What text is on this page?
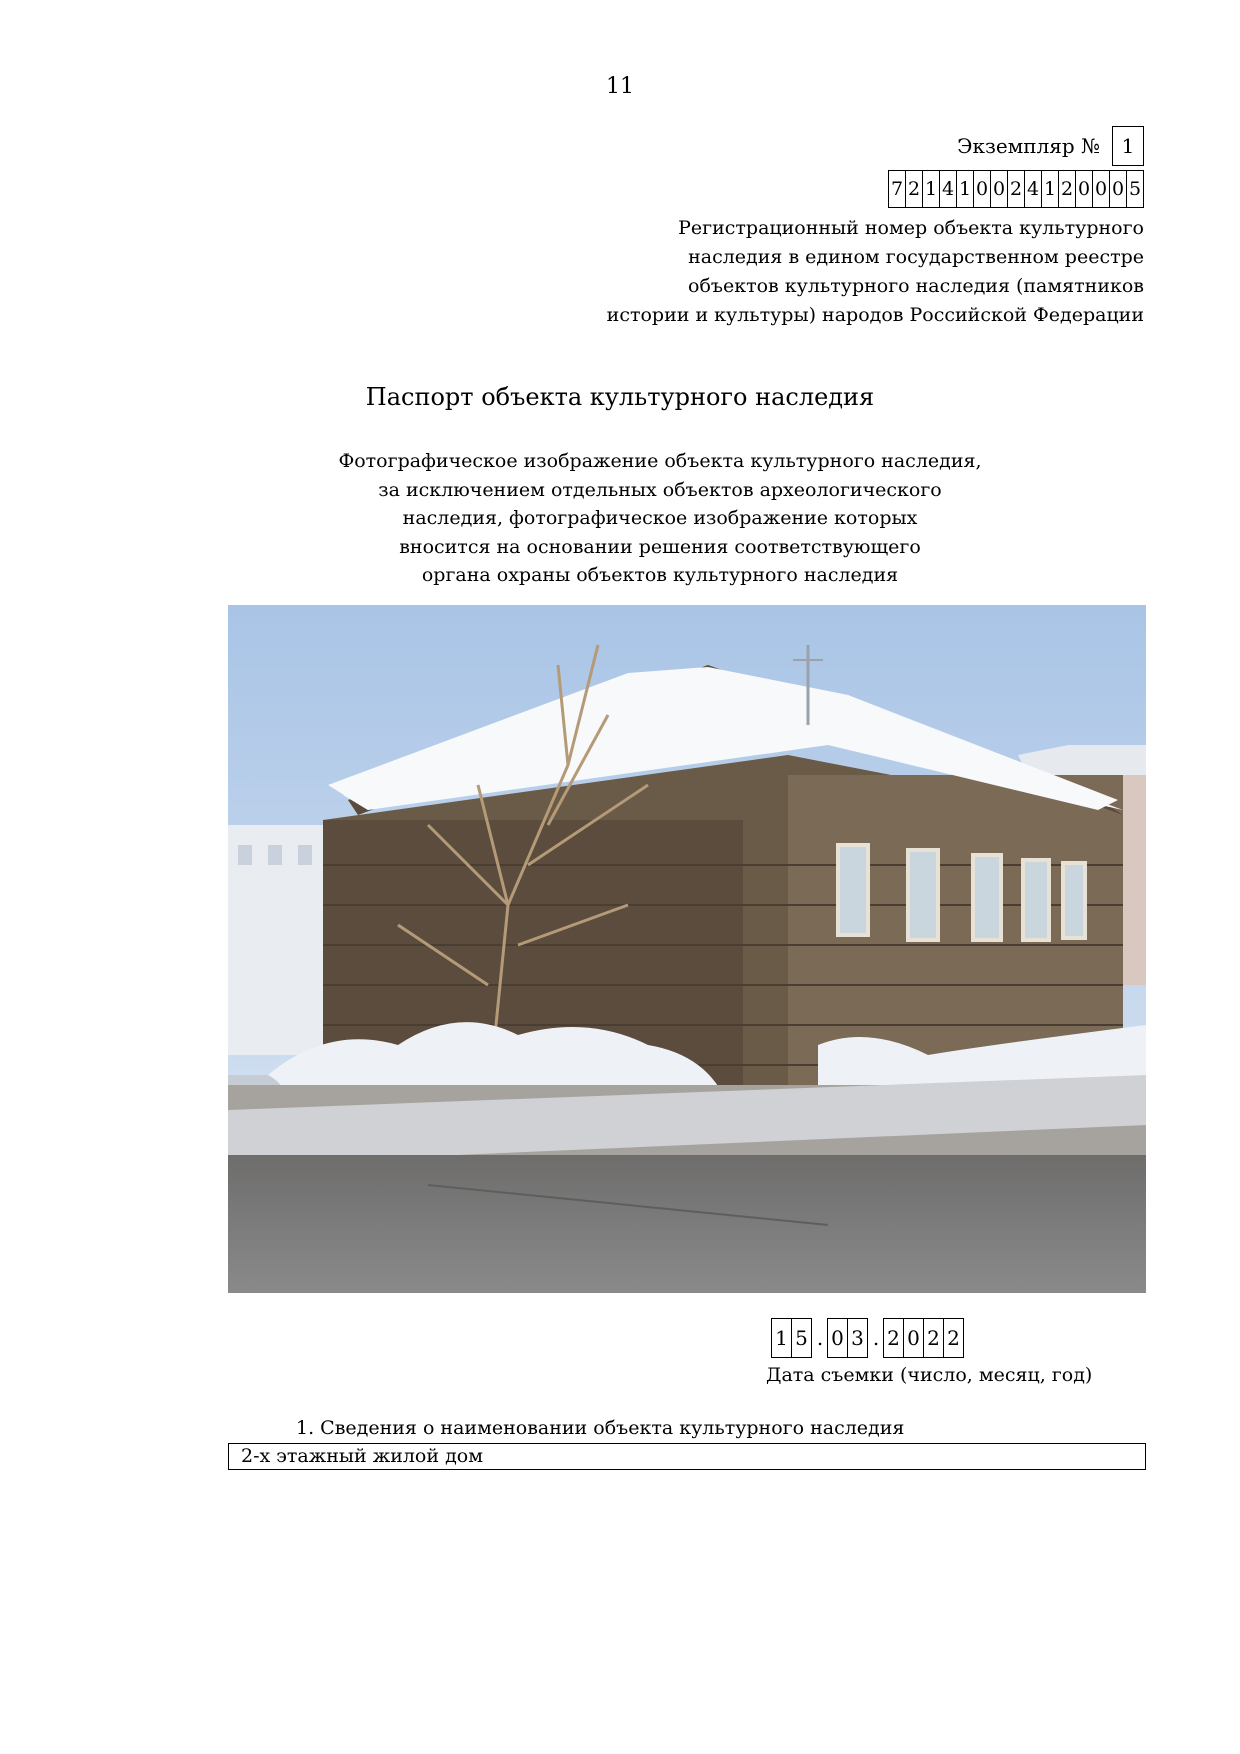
11
Экземпляр №	1
7 2 1 4 1 0 0 2 4 1 2 0 0 0 5
Регистрационный номер объекта культурного
наследия в едином государственном реестре
объектов культурного наследия (памятников
истории и культуры) народов Российской Федерации
Паспорт объекта культурного наследия
Фотографическое изображение объекта культурного наследия,
за исключением отдельных объектов археологического
наследия, фотографическое изображение которых
вносится на основании решения соответствующего
органа охраны объектов культурного наследия
1 5 . 0 3 . 2 0 2 2
Дата съемки (число, месяц, год)
1. Сведения о наименовании объекта культурного наследия
2-х этажный жилой дом
